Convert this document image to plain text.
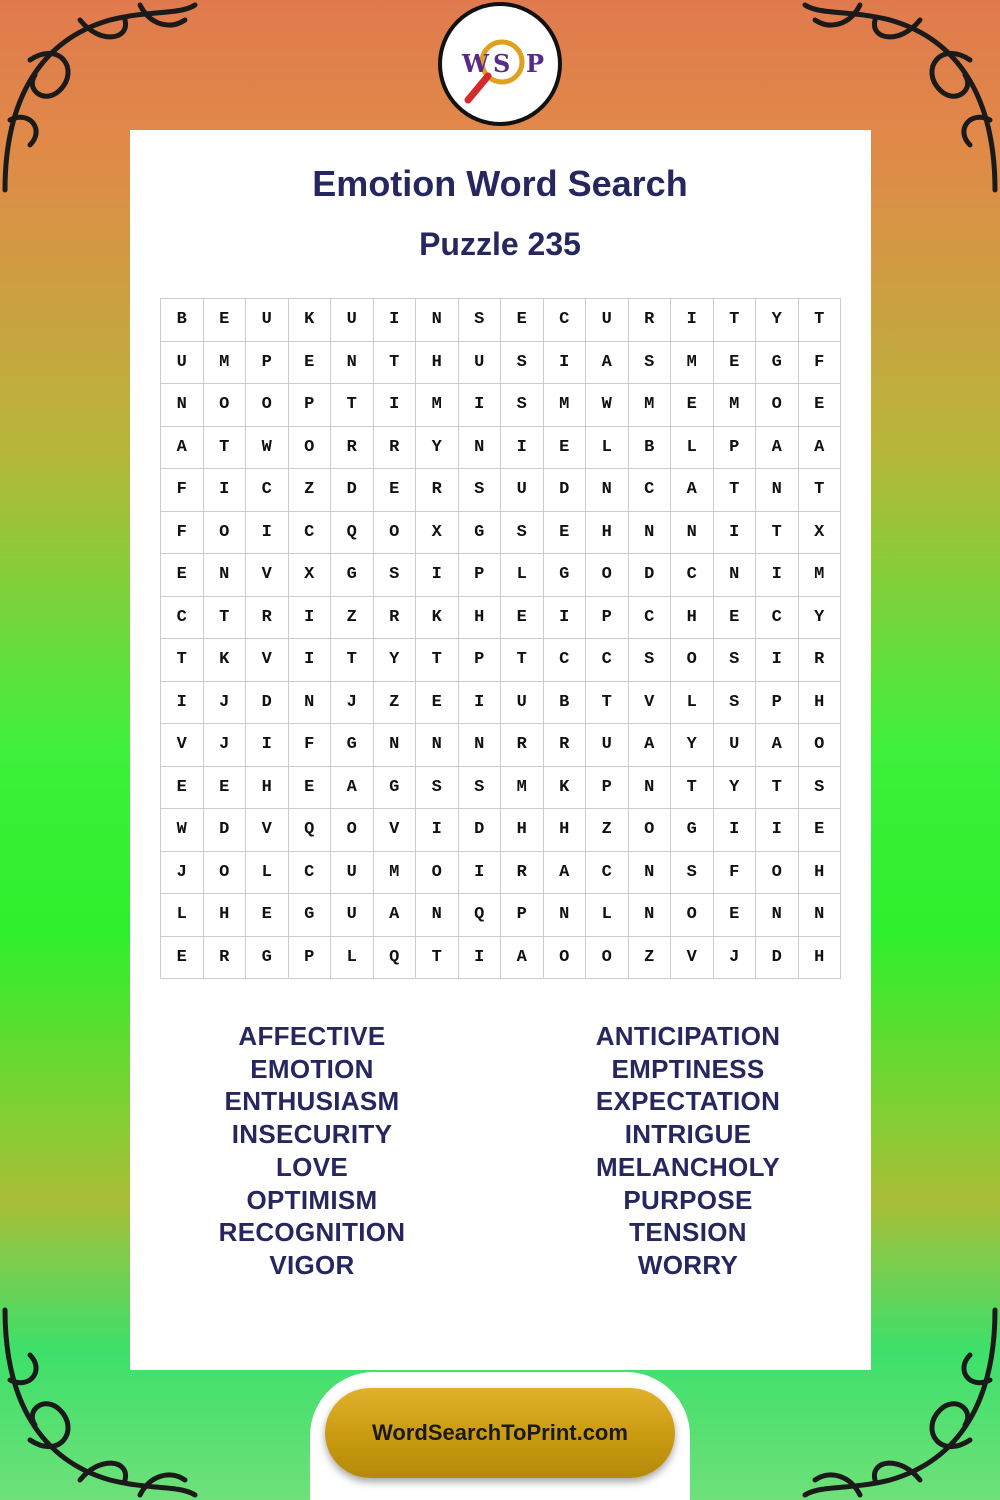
W S P
Emotion Word Search
Puzzle 235
B	E	U	K	U	I	N	S	E	C	U	R	I	T	Y	T
U	M	P	E	N	T	H	U	S	I	A	S	M	E	G	F
N	O	O	P	T	I	M	I	S	M	W	M	E	M	O	E
A	T	W	O	R	R	Y	N	I	E	L	B	L	P	A	A
F	I	C	Z	D	E	R	S	U	D	N	C	A	T	N	T
F	O	I	C	Q	O	X	G	S	E	H	N	N	I	T	X
E	N	V	X	G	S	I	P	L	G	O	D	C	N	I	M
C	T	R	I	Z	R	K	H	E	I	P	C	H	E	C	Y
T	K	V	I	T	Y	T	P	T	C	C	S	O	S	I	R
I	J	D	N	J	Z	E	I	U	B	T	V	L	S	P	H
V	J	I	F	G	N	N	N	R	R	U	A	Y	U	A	O
E	E	H	E	A	G	S	S	M	K	P	N	T	Y	T	S
W	D	V	Q	O	V	I	D	H	H	Z	O	G	I	I	E
J	O	L	C	U	M	O	I	R	A	C	N	S	F	O	H
L	H	E	G	U	A	N	Q	P	N	L	N	O	E	N	N
E	R	G	P	L	Q	T	I	A	O	O	Z	V	J	D	H
AFFECTIVE
EMOTION
ENTHUSIASM
INSECURITY
LOVE
OPTIMISM
RECOGNITION
VIGOR
ANTICIPATION
EMPTINESS
EXPECTATION
INTRIGUE
MELANCHOLY
PURPOSE
TENSION
WORRY
WordSearchToPrint.com
